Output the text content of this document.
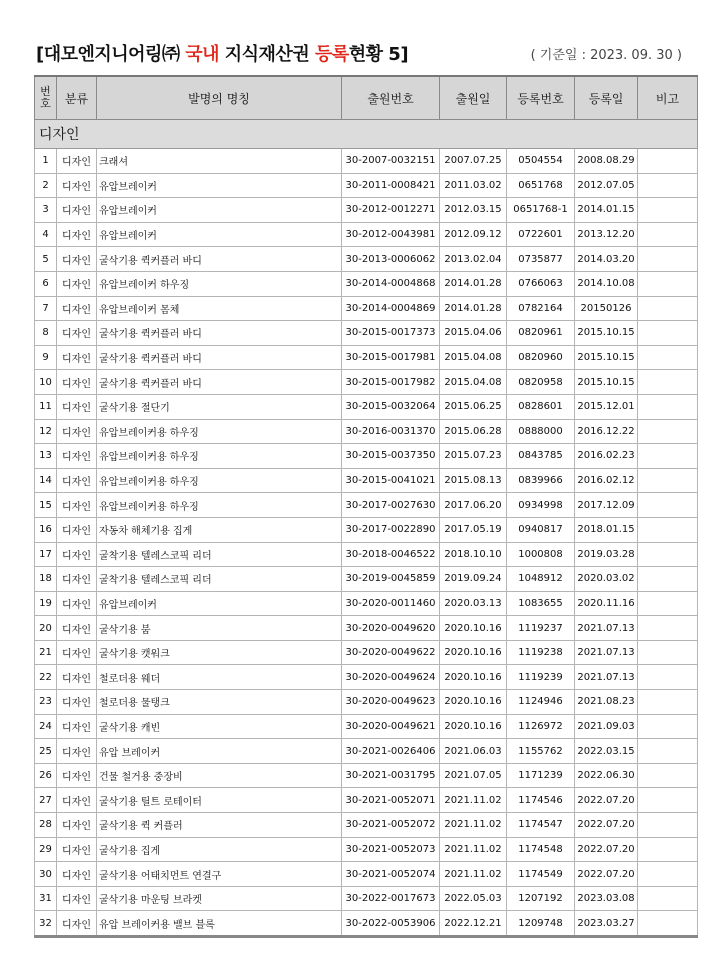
[대모엔지니어링㈜ 국내 지식재산권 등록현황 5]	( 기준일 : 2023. 09. 30 )
번
호	분류	발명의 명칭	출원번호	출원일	등록번호	등록일	비고
디자인							
1	디자인	크래셔	30-2007-0032151	2007.07.25	0504554	2008.08.29	
2	디자인	유압브레이커	30-2011-0008421	2011.03.02	0651768	2012.07.05	
3	디자인	유압브레이커	30-2012-0012271	2012.03.15	0651768-1	2014.01.15	
4	디자인	유압브레이커	30-2012-0043981	2012.09.12	0722601	2013.12.20	
5	디자인	굴삭기용 퀵커플러 바디	30-2013-0006062	2013.02.04	0735877	2014.03.20	
6	디자인	유압브레이커 하우징	30-2014-0004868	2014.01.28	0766063	2014.10.08	
7	디자인	유압브레이커 몸체	30-2014-0004869	2014.01.28	0782164	20150126	
8	디자인	굴삭기용 퀵커플러 바디	30-2015-0017373	2015.04.06	0820961	2015.10.15	
9	디자인	굴삭기용 퀵커플러 바디	30-2015-0017981	2015.04.08	0820960	2015.10.15	
10	디자인	굴삭기용 퀵커플러 바디	30-2015-0017982	2015.04.08	0820958	2015.10.15	
11	디자인	굴삭기용 절단기	30-2015-0032064	2015.06.25	0828601	2015.12.01	
12	디자인	유압브레이커용 하우징	30-2016-0031370	2015.06.28	0888000	2016.12.22	
13	디자인	유압브레이커용 하우징	30-2015-0037350	2015.07.23	0843785	2016.02.23	
14	디자인	유압브레이커용 하우징	30-2015-0041021	2015.08.13	0839966	2016.02.12	
15	디자인	유압브레이커용 하우징	30-2017-0027630	2017.06.20	0934998	2017.12.09	
16	디자인	자동차 해체기용 집게	30-2017-0022890	2017.05.19	0940817	2018.01.15	
17	디자인	굴착기용 텔레스코픽 리더	30-2018-0046522	2018.10.10	1000808	2019.03.28	
18	디자인	굴착기용 텔레스코픽 리더	30-2019-0045859	2019.09.24	1048912	2020.03.02	
19	디자인	유압브레이커	30-2020-0011460	2020.03.13	1083655	2020.11.16	
20	디자인	굴삭기용 붐	30-2020-0049620	2020.10.16	1119237	2021.07.13	
21	디자인	굴삭기용 캣워크	30-2020-0049622	2020.10.16	1119238	2021.07.13	
22	디자인	철로더용 웨더	30-2020-0049624	2020.10.16	1119239	2021.07.13	
23	디자인	철로더용 물탱크	30-2020-0049623	2020.10.16	1124946	2021.08.23	
24	디자인	굴삭기용 캐빈	30-2020-0049621	2020.10.16	1126972	2021.09.03	
25	디자인	유압 브레이커	30-2021-0026406	2021.06.03	1155762	2022.03.15	
26	디자인	건물 철거용 중장비	30-2021-0031795	2021.07.05	1171239	2022.06.30	
27	디자인	굴삭기용 틸트 로테이터	30-2021-0052071	2021.11.02	1174546	2022.07.20	
28	디자인	굴삭기용 퀵 커플러	30-2021-0052072	2021.11.02	1174547	2022.07.20	
29	디자인	굴삭기용 집게	30-2021-0052073	2021.11.02	1174548	2022.07.20	
30	디자인	굴삭기용 어태치먼트 연결구	30-2021-0052074	2021.11.02	1174549	2022.07.20	
31	디자인	굴삭기용 마운팅 브라켓	30-2022-0017673	2022.05.03	1207192	2023.03.08	
32	디자인	유압 브레이커용 밸브 블록	30-2022-0053906	2022.12.21	1209748	2023.03.27	
